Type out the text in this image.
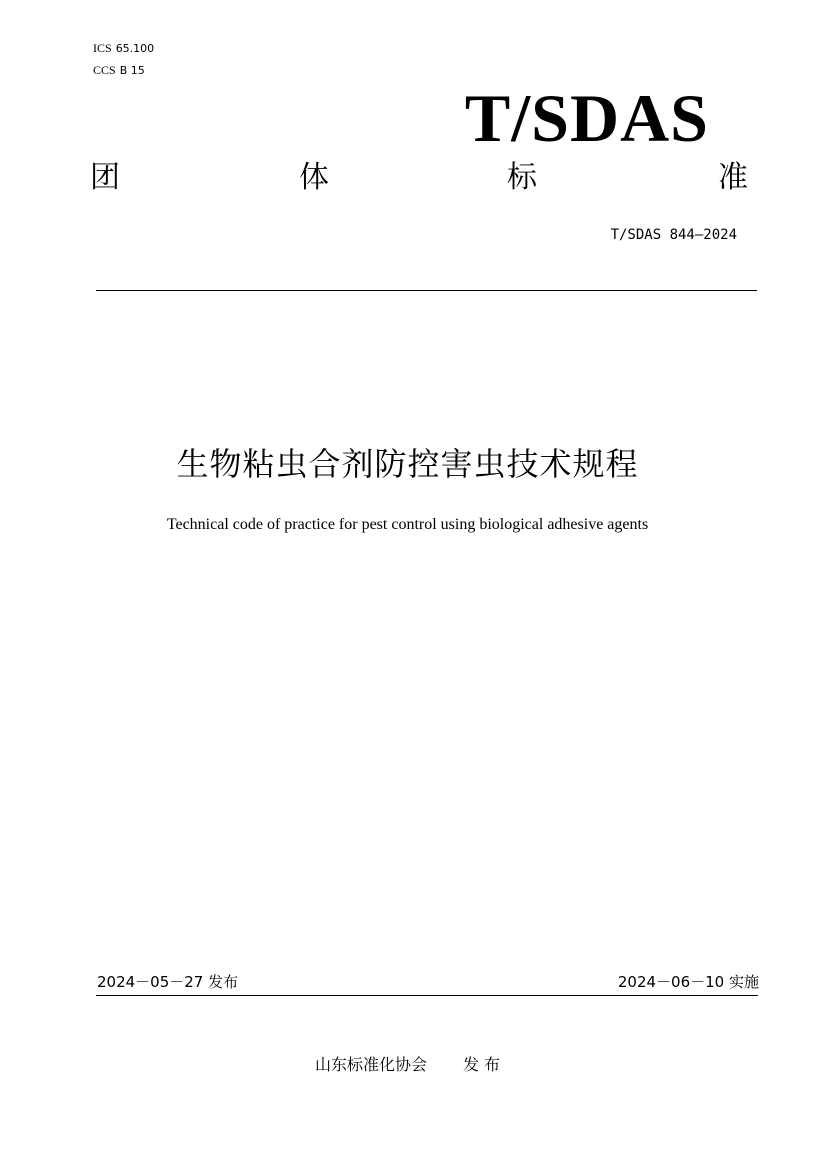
ICS 65.100
CCS B 15
T/SDAS
团	体	标	准
T/SDAS 844—2024
生物粘虫合剂防控害虫技术规程
Technical code of practice for pest control using biological adhesive agents
2024－05－27 发布	2024－06－10 实施
山东标准化协会 发 布
